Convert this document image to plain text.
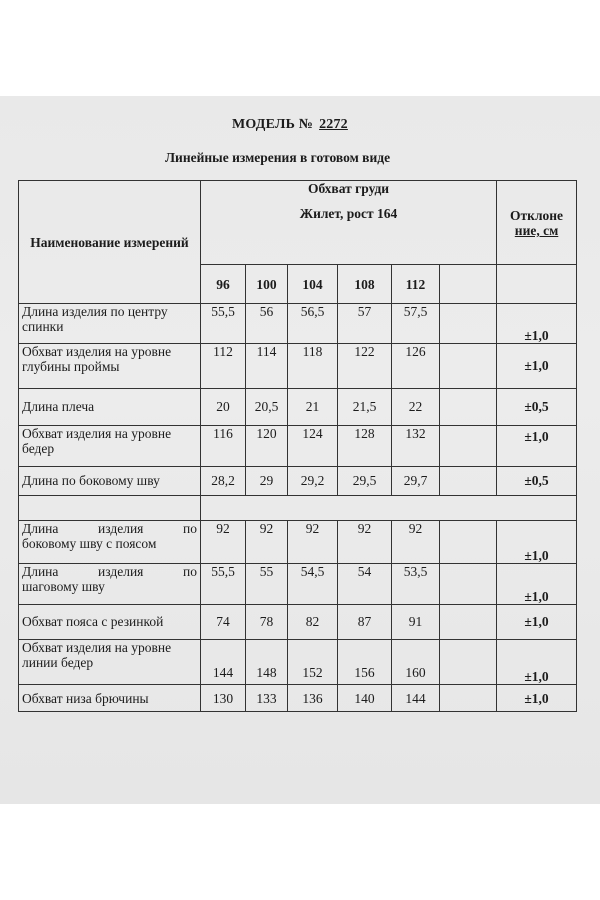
МОДЕЛЬ № 2272
Линейные измерения в готовом виде
Наименование измерений	Обхват груди
Жилет, рост 164						Отклоне
ние, см
	96	100	104	108	112		
Длина изделия по центру спинки	55,5	56	56,5	57	57,5		±1,0
Обхват изделия на уровне глубины проймы	112	114	118	122	126		±1,0
Длина плеча	20	20,5	21	21,5	22		±0,5
Обхват изделия на уровне бедер	116	120	124	128	132		±1,0
Длина по боковому шву	28,2	29	29,2	29,5	29,7		±0,5

Длина изделия по
боковому шву с поясом	92	92	92	92	92		±1,0
Длина изделия по
шаговому шву	55,5	55	54,5	54	53,5		±1,0
Обхват пояса с резинкой	74	78	82	87	91		±1,0
Обхват изделия на уровне линии бедер	144	148	152	156	160		±1,0
Обхват низа брючины	130	133	136	140	144		±1,0
